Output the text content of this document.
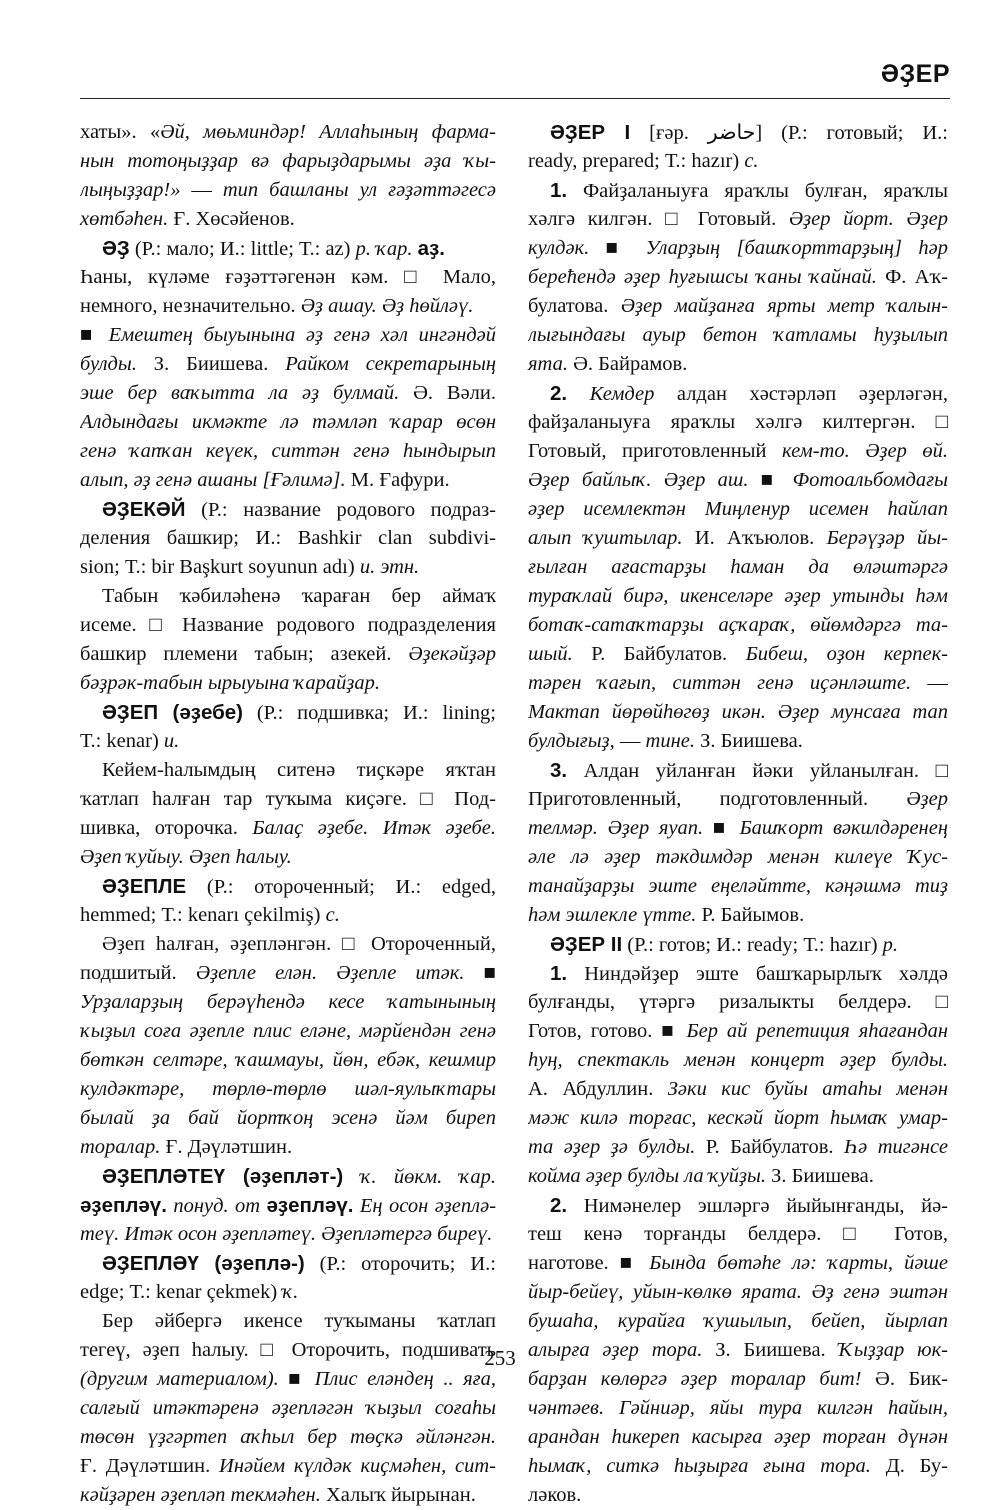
ӘҘЕР
хаты». «Әй, мөьминдәр! Аллаһының фарма-
нын тотоңыҙҙар вә фарыҙдарымы әҙа ҡы-
лыңыҙҙар!» — тип башланы ул ғәҙәттәгесә
хөтбәһен. Ғ. Хөсәйенов.
ӘҘ (Р.: мало; И.: little; Т.: az) р. ҡар. аҙ.
Һаны, күләме ғәҙәттәгенән кәм. □ Мало,
немного, незначительно. Әҙ ашау. Әҙ һөйләү.
■ Емештең быуынына әҙ генә хәл ингәндәй
булды. З. Биишева. Райком секретарының
эше бер ваҡытта ла әҙ булмай. Ә. Вәли.
Алдындағы икмәкте лә тәмләп ҡарар өсөн
генә ҡапҡан кеүек, ситтән генә һындырып
алып, әҙ генә ашаны [Ғәлимә]. М. Ғафури.
ӘҘЕКӘЙ (Р.: название родового подраз-
деления башкир; И.: Bashkir clan subdivi-
sion; Т.: bir Başkurt soyunun adı) и. этн.
Табын ҡәбиләһенә ҡараған бер аймаҡ
исеме. □ Название родового подразделения
башкир племени табын; азекей. Әҙекәйҙәр
бәҙрәк-табын ырыуына ҡарайҙар.
ӘҘЕП (әҙебе) (Р.: подшивка; И.: lining;
Т.: kenar) и.
Кейем-һалымдың ситенә тиҫкәре яҡтан
ҡатлап һалған тар туҡыма киҫәге. □ Под-
шивка, оторочка. Балаҫ әҙебе. Итәк әҙебе.
Әҙеп ҡуйыу. Әҙеп һалыу.
ӘҘЕПЛЕ (Р.: отороченный; И.: edged,
hemmed; Т.: kenarı çekilmiş) с.
Әҙеп һалған, әҙепләнгән. □ Отороченный,
подшитый. Әҙепле елән. Әҙепле итәк. ■
Урҙаларҙың берәүһендә кесе ҡатынының
ҡыҙыл соға әҙепле плис еләне, мәрйендән генә
бөткән селтәре, ҡашмауы, йөн, ебәк, кешмир
кулдәктәре, төрлө-төрлө шәл-яулыҡтары
былай ҙа бай йортҡоң эсенә йәм биреп
торалар. Ғ. Дәүләтшин.
ӘҘЕПЛӘТЕҮ (әҙепләт-) ҡ. йөкм. ҡар.
әҙепләү. понуд. от әҙепләү. Ең осон әҙеплә-
теү. Итәк осон әҙепләтеү. Әҙепләтергә биреү.
ӘҘЕПЛӘҮ (әҙеплә-) (Р.: оторочить; И.:
edge; Т.: kenar çekmek) ҡ.
Бер әйбергә икенсе туҡыманы ҡатлап
тегеү, әҙеп һалыу. □ Оторочить, подшивать
(другим материалом). ■ Плис еләндең .. яға,
салғый итәктәренә әҙепләгән ҡыҙыл соғаһы
төсөн үҙгәртеп аҡһыл бер төҫкә әйләнгән.
Ғ. Дәүләтшин. Инәйем күлдәк киҫмәһен, сит-
кәйҙәрен әҙепләп текмәһен. Халыҡ йырынан.
ӘҘЕР I [ғәр. حاضر] (Р.: готовый; И.:
ready, prepared; Т.: hazır) с.
1. Файҙаланыуға яраҡлы булған, яраҡлы
хәлгә килгән. □ Готовый. Әҙер йорт. Әҙер
кулдәк. ■ Уларҙың [башҡорттарҙың] һәр
берећендә әҙер һуғышсы ҡаны ҡайнай. Ф. Аҡ-
булатова. Әҙер майҙанға ярты метр ҡалын-
лығындағы ауыр бетон ҡатламы һуҙылып
ята. Ә. Байрамов.
2. Кемдер алдан хәстәрләп әҙерләгән,
файҙаланыуға яраҡлы хәлгә килтергән. □
Готовый, приготовленный кем-то. Әҙер өй.
Әҙер байлыҡ. Әҙер аш. ■ Фотоальбомдағы
әҙер исемлектән Миңленур исемен һайлап
алып ҡуштылар. И. Аҡъюлов. Берәүҙәр йы-
ғылған ағастарҙы һаман да өләштәргә
тураҡлай бирә, икенселәре әҙер утынды һәм
ботаҡ-сатаҡтарҙы аҫҡараҡ, өйөмдәргә та-
шый. Р. Байбулатов. Бибеш, оҙон керпек-
тәрен ҡағып, ситтән генә иҫәнләште. —
Мактап йөрөйһөгөҙ икән. Әҙер мунсаға тап
булдығыҙ, — тине. З. Биишева.
3. Алдан уйланған йәки уйланылған. □
Приготовленный, подготовленный. Әҙер
телмәр. Әҙер яуап. ■ Башҡорт вәкилдәренең
әле лә әҙер тәкдимдәр менән килеүе Ҡус-
танайҙарҙы эште еңеләйтте, кәңәшмә тиҙ
һәм эшлекле үтте. Р. Байымов.
ӘҘЕР II (Р.: готов; И.: ready; Т.: hazır) р.
1. Ниндәйҙер эште башҡарырлыҡ хәлдә
булғанды, үтәргә ризалыкты белдерә. □
Готов, готово. ■ Бер ай репетиция яһағандан
һуң, спектакль менән концерт әҙер булды.
А. Абдуллин. Зәки кис буйы атаһы менән
мәж килә торғас, кескәй йорт һымаҡ умар-
та әҙер ҙә булды. Р. Байбулатов. Һә тигәнсе
коймa әҙер булды ла ҡуйҙы. З. Биишева.
2. Нимәнелер эшләргә йыйынғанды, йә-
теш кенә торғанды белдерә. □ Готов,
наготове. ■ Бында бөтәһе лә: ҡарты, йәше
йыр-бейеү, уйын-көлкө ярата. Әҙ генә эштән
бушаһа, курайға ҡушылып, бейеп, йырлап
алырға әҙер тора. З. Биишева. Ҡыҙҙар юк-
барҙан көлөргә әҙер торалар бит! Ә. Бик-
чәнтәев. Гәйниәр, яйы тура килгән һайын,
арандан һикереп касырға әҙер торған дүнән
һымаҡ, ситкә һыҙырға ғына тора. Д. Бу-
ләков.
253
